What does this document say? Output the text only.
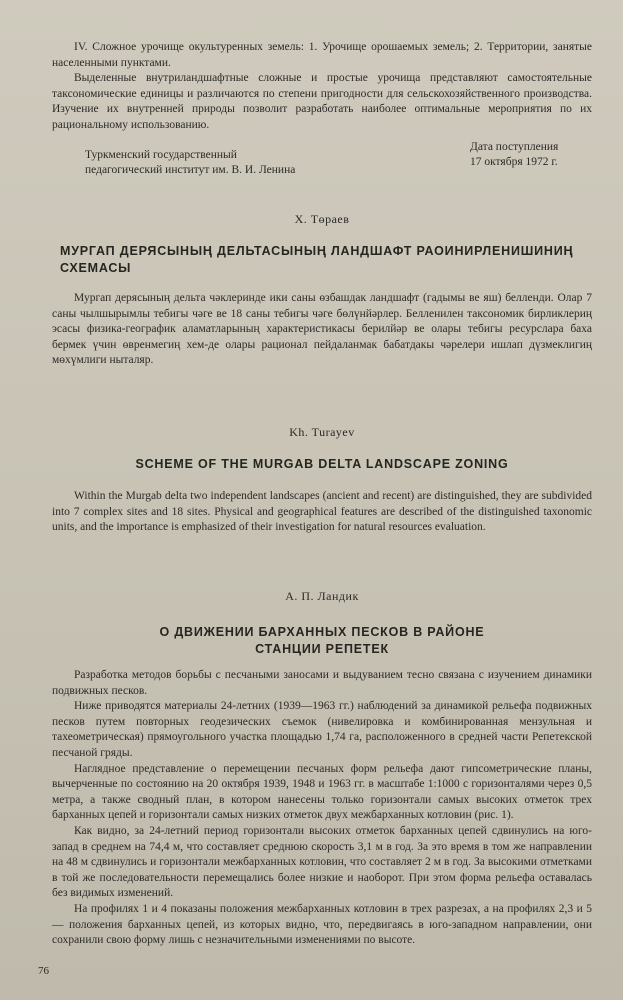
IV. Сложное урочище окультуренных земель: 1. Урочище орошаемых земель; 2. Территории, занятые населенными пунктами.

Выделенные внутриландшафтные сложные и простые урочища представляют самостоятельные таксономические единицы и различаются по степени пригодности для сельскохозяйственного производства. Изучение их внутренней природы позволит разработать наиболее оптимальные мероприятия по их рациональному использованию.

Туркменский государственный
педагогический институт им. В. И. Ленина
Дата поступления
17 октября 1972 г.
Х. Төраев
МУРГАП ДЕРЯСЫНЫҢ ДЕЛЬТАСЫНЫҢ ЛАНДШАФТ РАОИНИРЛЕНИШИНИҢ
СХЕМАСЫ

Мургап дерясының дельта чәклеринде ики саны өзбашдак ландшафт (гадымы ве яш) белленди. Олар 7 саны чылшырымлы тебигы чәге ве 18 саны тебигы чәге бөлүнйәрлер. Белленилен таксономик бирликлериң эсасы физика-географик аламатларының характеристикасы берилйәр ве олары тебигы ресурслара баха бермек үчин өвренмегиң хем-де олары рационал пейдаланмак бабатдакы чәрелери ишлап дүзмеклигиң мөхүмлиги ныталяр.

Kh. Turayev
SCHEME OF THE MURGAB DELTA LANDSCAPE ZONING

Within the Murgab delta two independent landscapes (ancient and recent) are distinguished, they are subdivided into 7 complex sites and 18 sites. Physical and geographical features are described of the distinguished taxonomic units, and the importance is emphasized of their investigation for natural resources evaluation.

А. П. Ландик
О ДВИЖЕНИИ БАРХАННЫХ ПЕСКОВ В РАЙОНЕ
СТАНЦИИ РЕПЕТЕК

Разработка методов борьбы с песчаными заносами и выдуванием тесно связана с изучением динамики подвижных песков.

Ниже приводятся материалы 24-летних (1939—1963 гг.) наблюдений за динамикой рельефа подвижных песков путем повторных геодезических съемок (нивелировка и комбинированная мензульная и тахеометрическая) прямоугольного участка площадью 1,74 га, расположенного в средней части Репетекской песчаной гряды.

Наглядное представление о перемещении песчаных форм рельефа дают гипсометрические планы, вычерченные по состоянию на 20 октября 1939, 1948 и 1963 гг. в масштабе 1:1000 с горизонталями через 0,5 метра, а также сводный план, в котором нанесены только горизонтали самых высоких отметок трех барханных цепей и горизонтали самых низких отметок двух межбарханных котловин (рис. 1).

Как видно, за 24-летний период горизонтали высоких отметок барханных цепей сдвинулись на юго-запад в среднем на 74,4 м, что составляет среднюю скорость 3,1 м в год. За это время в том же направлении на 48 м сдвинулись и горизонтали межбарханных котловин, что составляет 2 м в год. За высокими отметками в той же последовательности перемещались более низкие и наоборот. При этом форма рельефа оставалась без видимых изменений.

На профилях 1 и 4 показаны положения межбарханных котловин в трех разрезах, а на профилях 2,3 и 5 — положения барханных цепей, из которых видно, что, передвигаясь в юго-западном направлении, они сохранили свою форму лишь с незначительными изменениями по высоте.

76
